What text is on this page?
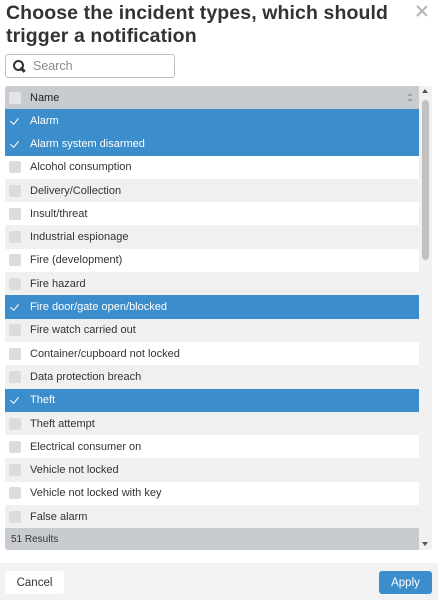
Choose the incident types, which should trigger a notification
Search
Name
Alarm
Alarm system disarmed
Alcohol consumption
Delivery/Collection
Insult/threat
Industrial espionage
Fire (development)
Fire hazard
Fire door/gate open/blocked
Fire watch carried out
Container/cupboard not locked
Data protection breach
Theft
Theft attempt
Electrical consumer on
Vehicle not locked
Vehicle not locked with key
False alarm
51 Results
Cancel	Apply
